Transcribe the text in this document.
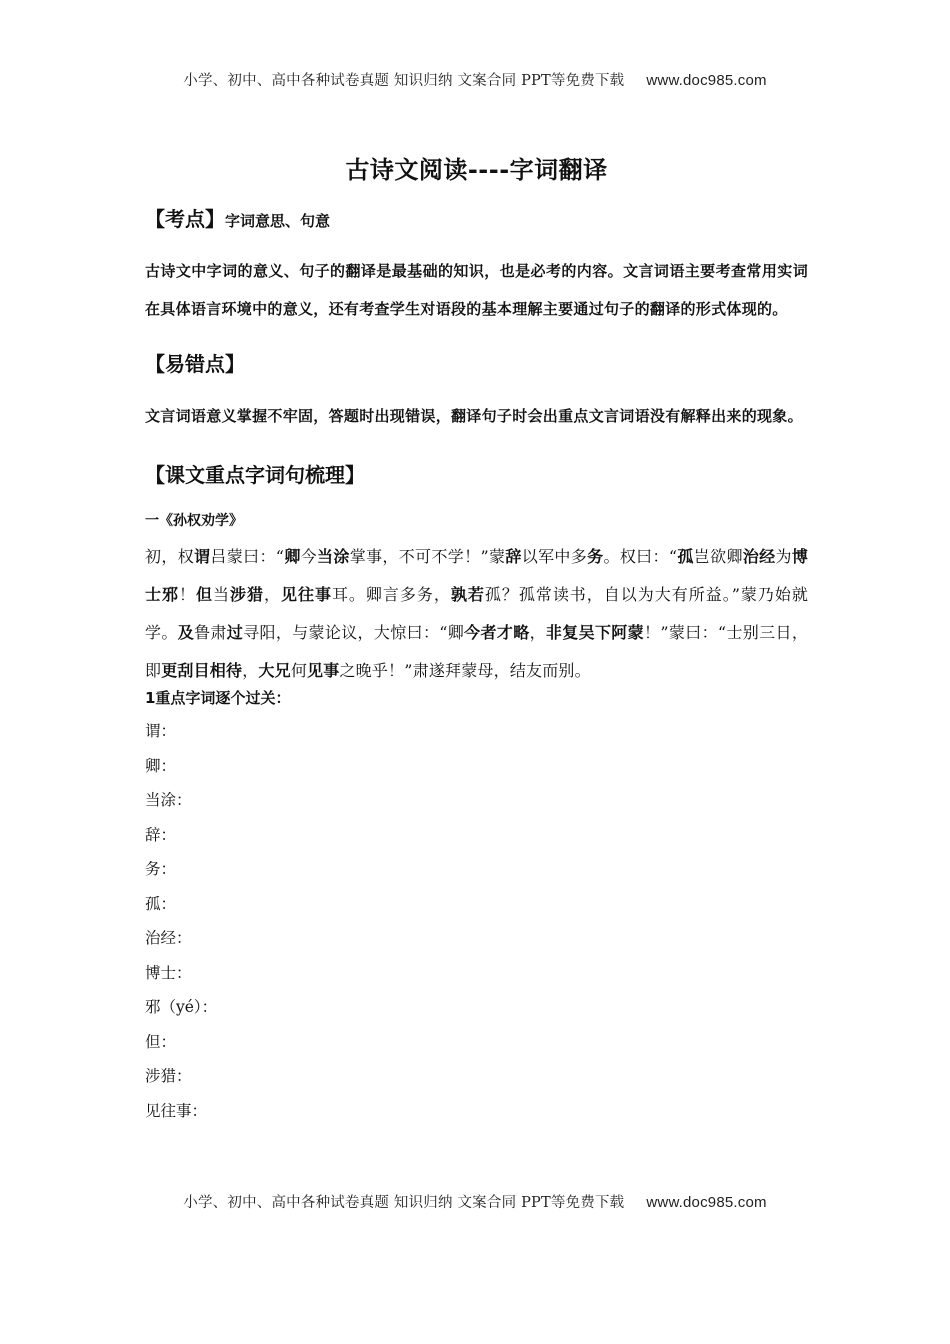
小学、初中、高中各种试卷真题 知识归纳 文案合同 PPT等免费下载 www.doc985.com
古诗文阅读----字词翻译

【考点】字词意思、句意

古诗文中字词的意义、句子的翻译是最基础的知识，也是必考的内容。文言词语主要考查常用实词在具体语言环境中的意义，还有考查学生对语段的基本理解主要通过句子的翻译的形式体现的。

【易错点】

文言词语意义掌握不牢固，答题时出现错误，翻译句子时会出重点文言词语没有解释出来的现象。

【课文重点字词句梳理】

一《孙权劝学》

初，权谓吕蒙曰：“卿今当涂掌事，不可不学！”蒙辞以军中多务。权曰：“孤岂欲卿治经为博士邪！但当涉猎，见往事耳。卿言多务，孰若孤？孤常读书，自以为大有所益。”蒙乃始就学。及鲁肃过寻阳，与蒙论议，大惊曰：“卿今者才略，非复吴下阿蒙！”蒙曰：“士别三日，即更刮目相待，大兄何见事之晚乎！”肃遂拜蒙母，结友而别。

1重点字词逐个过关：

谓：

卿：

当涂：

辞：

务：

孤：

治经：

博士：

邪（yé）：

但：

涉猎：

见往事：

小学、初中、高中各种试卷真题 知识归纳 文案合同 PPT等免费下载 www.doc985.com
